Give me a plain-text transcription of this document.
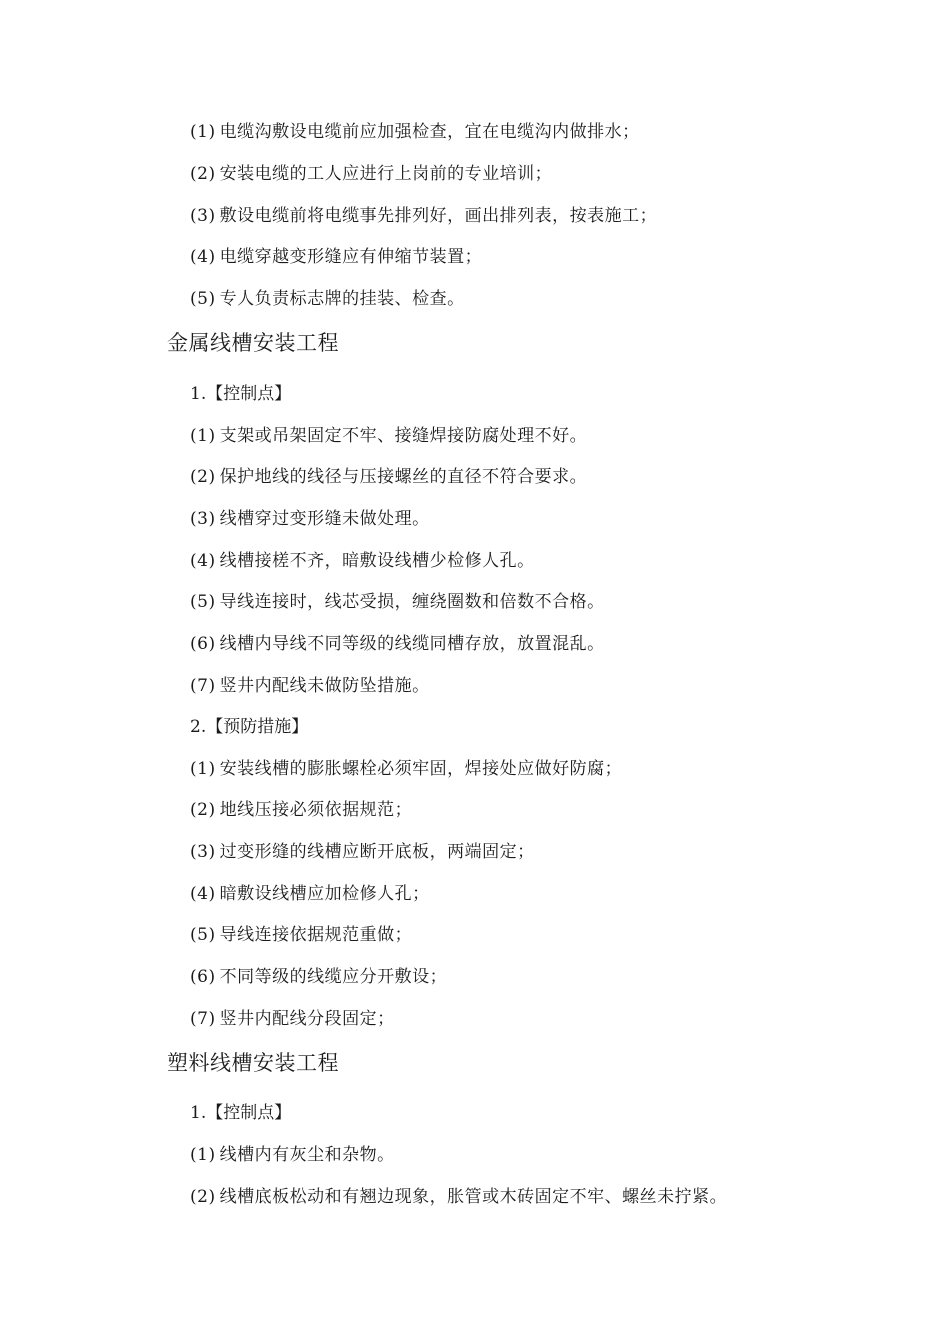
(1) 电缆沟敷设电缆前应加强检查，宜在电缆沟内做排水；
(2) 安装电缆的工人应进行上岗前的专业培训；
(3) 敷设电缆前将电缆事先排列好，画出排列表，按表施工；
(4) 电缆穿越变形缝应有伸缩节装置；
(5) 专人负责标志牌的挂装、检查。
金属线槽安装工程
1.【控制点】
(1) 支架或吊架固定不牢、接缝焊接防腐处理不好。
(2) 保护地线的线径与压接螺丝的直径不符合要求。
(3) 线槽穿过变形缝未做处理。
(4) 线槽接槎不齐，暗敷设线槽少检修人孔。
(5) 导线连接时，线芯受损，缠绕圈数和倍数不合格。
(6) 线槽内导线不同等级的线缆同槽存放，放置混乱。
(7) 竖井内配线未做防坠措施。
2.【预防措施】
(1) 安装线槽的膨胀螺栓必须牢固，焊接处应做好防腐；
(2) 地线压接必须依据规范；
(3) 过变形缝的线槽应断开底板，两端固定；
(4) 暗敷设线槽应加检修人孔；
(5) 导线连接依据规范重做；
(6) 不同等级的线缆应分开敷设；
(7) 竖井内配线分段固定；
塑料线槽安装工程
1.【控制点】
(1) 线槽内有灰尘和杂物。
(2) 线槽底板松动和有翘边现象，胀管或木砖固定不牢、螺丝未拧紧。
